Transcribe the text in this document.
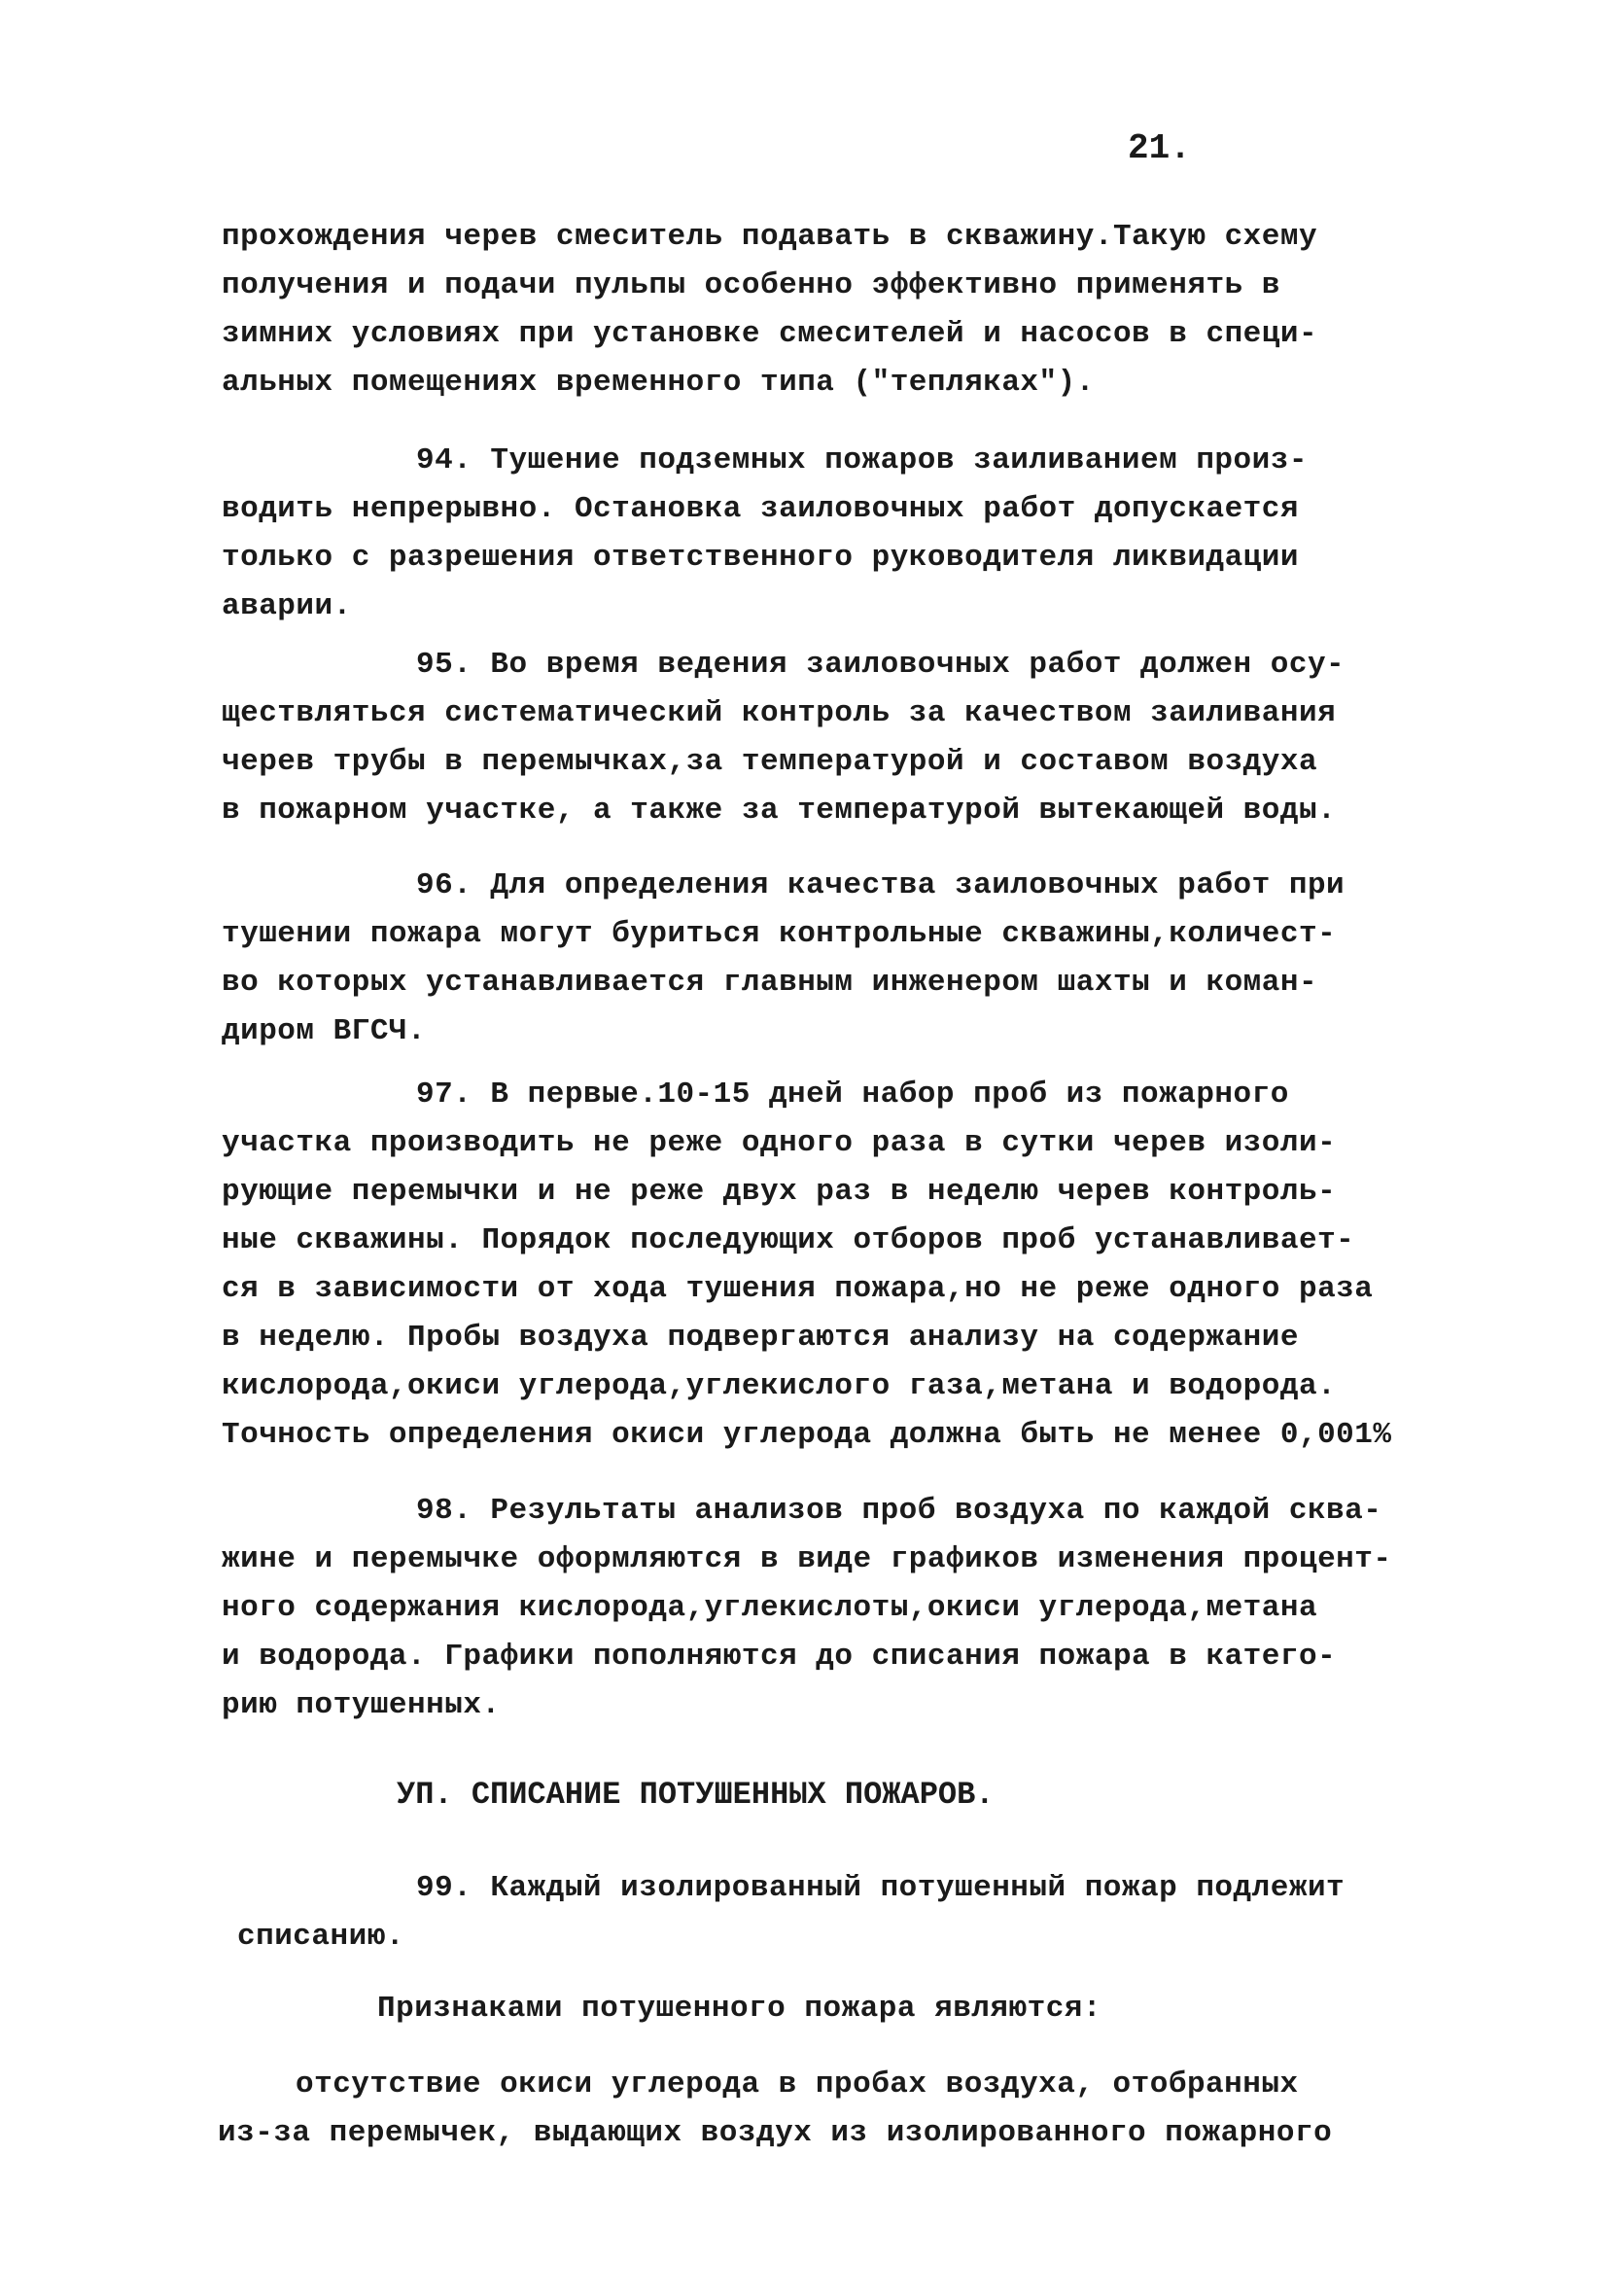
21.
прохождения черев смеситель подавать в скважину.Такую схему
получения и подачи пульпы особенно эффективно применять в
зимних условиях при установке смесителей и насосов в специ-
альных помещениях временного типа ("тепляках").
94. Тушение подземных пожаров заиливанием произ-
водить непрерывно. Остановка заиловочных работ допускается
только с разрешения ответственного руководителя ликвидации
аварии.
95. Во время ведения заиловочных работ должен осу-
ществляться систематический контроль за качеством заиливания
черев трубы в перемычках,за температурой и составом воздуха
в пожарном участке, а также за температурой вытекающей воды.
96. Для определения качества заиловочных работ при
тушении пожара могут буриться контрольные скважины,количест-
во которых устанавливается главным инженером шахты и коман-
диром ВГСЧ.
97. В первые.10-15 дней набор проб из пожарного
участка производить не реже одного раза в сутки черев изоли-
рующие перемычки и не реже двух раз в неделю черев контроль-
ные скважины. Порядок последующих отборов проб устанавливает-
ся в зависимости от хода тушения пожара,но не реже одного раза
в неделю. Пробы воздуха подвергаются анализу на содержание
кислорода,окиси углерода,углекислого газа,метана и водорода.
Точность определения окиси углерода должна быть не менее 0,001%
98. Результаты анализов проб воздуха по каждой сква-
жине и перемычке оформляются в виде графиков изменения процент-
ного содержания кислорода,углекислоты,окиси углерода,метана
и водорода. Графики пополняются до списания пожара в катего-
рию потушенных.
УП. СПИСАНИЕ ПОТУШЕННЫХ ПОЖАРОВ.
99. Каждый изолированный потушенный пожар подлежит
списанию.
Признаками потушенного пожара являются:
отсутствие окиси углерода в пробах воздуха, отобранных
из-за перемычек, выдающих воздух из изолированного пожарного
